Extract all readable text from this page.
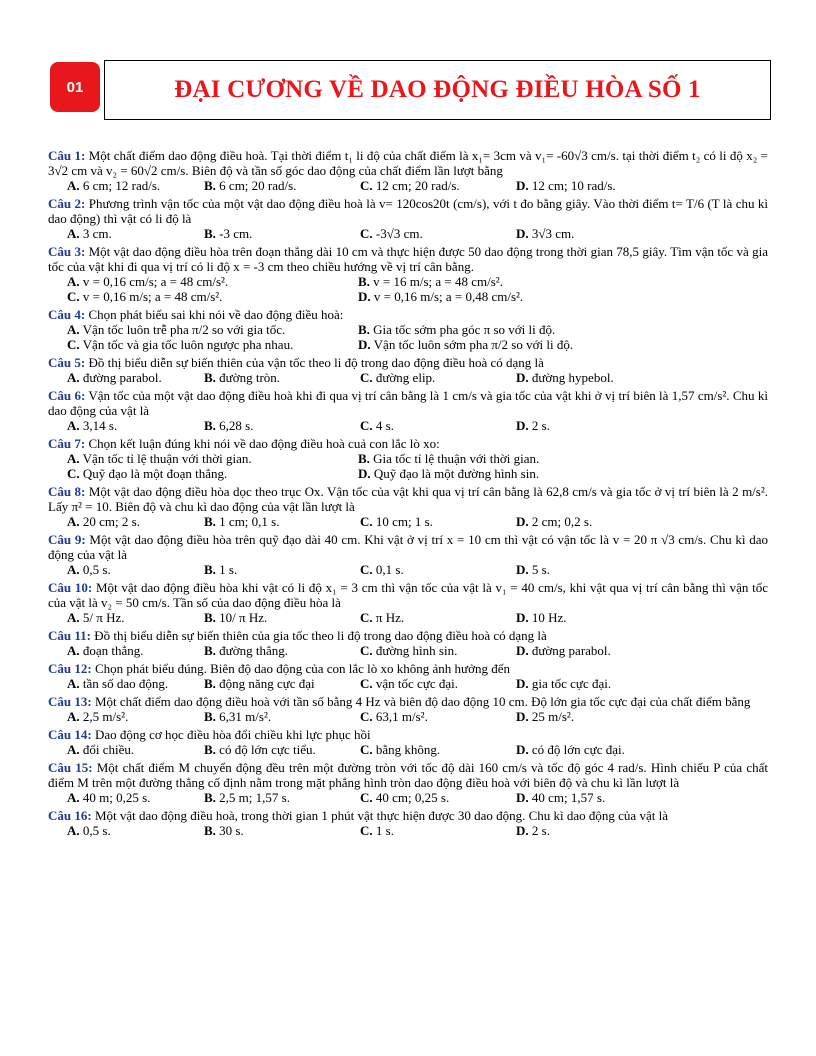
01	ĐẠI CƯƠNG VỀ DAO ĐỘNG ĐIỀU HÒA SỐ 1
Câu 1: Một chất điểm dao động điều hoà. Tại thời điểm t₁ li độ của chất điểm là x₁= 3cm và v₁= -60√3 cm/s. tại thời điểm t₂ có li độ x₂ = 3√2 cm và v₂ = 60√2 cm/s. Biên độ và tần số góc dao động của chất điểm lần lượt bằng
A. 6 cm; 12 rad/s.	B. 6 cm; 20 rad/s.	C. 12 cm; 20 rad/s.	D. 12 cm; 10 rad/s.
Câu 2: Phương trình vận tốc của một vật dao động điều hoà là v= 120cos20t (cm/s), với t đo bằng giây. Vào thời điểm t= T/6 (T là chu kì dao động) thì vật có li độ là
A. 3 cm.	B. -3 cm.	C. -3√3 cm.	D. 3√3 cm.
Câu 3: Một vật dao động điều hòa trên đoạn thẳng dài 10 cm và thực hiện được 50 dao động trong thời gian 78,5 giây. Tìm vận tốc và gia tốc của vật khi đi qua vị trí có li độ x = -3 cm theo chiều hướng về vị trí cân bằng.
A. v = 0,16 cm/s; a = 48 cm/s².	B. v = 16 m/s; a = 48 cm/s².
C. v = 0,16 m/s; a = 48 cm/s².	D. v = 0,16 m/s; a = 0,48 cm/s².
Câu 4: Chọn phát biểu sai khi nói về dao động điều hoà:
A. Vận tốc luôn trễ pha π/2 so với gia tốc.	B. Gia tốc sớm pha góc π so với li độ.
C. Vận tốc và gia tốc luôn ngược pha nhau.	D. Vận tốc luôn sớm pha π/2 so với li độ.
Câu 5: Đồ thị biểu diễn sự biến thiên của vận tốc theo li độ trong dao động điều hoà có dạng là
A. đường parabol.	B. đường tròn.	C. đường elip.	D. đường hypebol.
Câu 6: Vận tốc của một vật dao động điều hoà khi đi qua vị trí cân bằng là 1 cm/s và gia tốc của vật khi ở vị trí biên là 1,57 cm/s². Chu kì dao động của vật là
A. 3,14 s.	B. 6,28 s.	C. 4 s.	D. 2 s.
Câu 7: Chọn kết luận đúng khi nói về dao động điều hoà cuả con lắc lò xo:
A. Vận tốc tỉ lệ thuận với thời gian.	B. Gia tốc tỉ lệ thuận với thời gian.
C. Quỹ đạo là một đoạn thẳng.	D. Quỹ đạo là một đường hình sin.
Câu 8: Một vật dao động điều hòa dọc theo trục Ox. Vận tốc của vật khi qua vị trí cân bằng là 62,8 cm/s và gia tốc ở vị trí biên là 2 m/s². Lấy π² = 10. Biên độ và chu kì dao động của vật lần lượt là
A. 20 cm; 2 s.	B. 1 cm; 0,1 s.	C. 10 cm; 1 s.	D. 2 cm; 0,2 s.
Câu 9: Một vật dao động điều hòa trên quỹ đạo dài 40 cm. Khi vật ở vị trí x = 10 cm thì vật có vận tốc là v = 20 π √3 cm/s. Chu kì dao động của vật là
A. 0,5 s.	B. 1 s.	C. 0,1 s.	D. 5 s.
Câu 10: Một vật dao động điều hòa khi vật có li độ x₁ = 3 cm thì vận tốc của vật là v₁ = 40 cm/s, khi vật qua vị trí cân bằng thì vận tốc của vật là v₂ = 50 cm/s. Tần số của dao động điều hòa là
A. 5/ π Hz.	B. 10/ π Hz.	C. π Hz.	D. 10 Hz.
Câu 11: Đồ thị biểu diễn sự biến thiên của gia tốc theo li độ trong dao động điều hoà có dạng là
A. đoạn thẳng.	B. đường thẳng.	C. đường hình sin.	D. đường parabol.
Câu 12: Chọn phát biểu đúng. Biên độ dao động của con lắc lò xo không ảnh hưởng đến
A. tần số dao động.	B. động năng cực đại	C. vận tốc cực đại.	D. gia tốc cực đại.
Câu 13: Một chất điểm dao động điều hoà với tần số bằng 4 Hz và biên độ dao động 10 cm. Độ lớn gia tốc cực đại của chất điểm bằng
A. 2,5 m/s².	B. 6,31 m/s².	C. 63,1 m/s².	D. 25 m/s².
Câu 14: Dao động cơ học điều hòa đổi chiều khi lực phục hồi
A. đổi chiều.	B. có độ lớn cực tiểu.	C. bằng không.	D. có độ lớn cực đại.
Câu 15: Một chất điểm M chuyển động đều trên một đường tròn với tốc độ dài 160 cm/s và tốc độ góc 4 rad/s. Hình chiếu P của chất điểm M trên một đường thẳng cố định nằm trong mặt phẳng hình tròn dao động điều hoà với biên độ và chu kì lần lượt là
A. 40 m; 0,25 s.	B. 2,5 m; 1,57 s.	C. 40 cm; 0,25 s.	D. 40 cm; 1,57 s.
Câu 16: Một vật dao động điều hoà, trong thời gian 1 phút vật thực hiện được 30 dao động. Chu kì dao động của vật là
A. 0,5 s.	B. 30 s.	C. 1 s.	D. 2 s.
